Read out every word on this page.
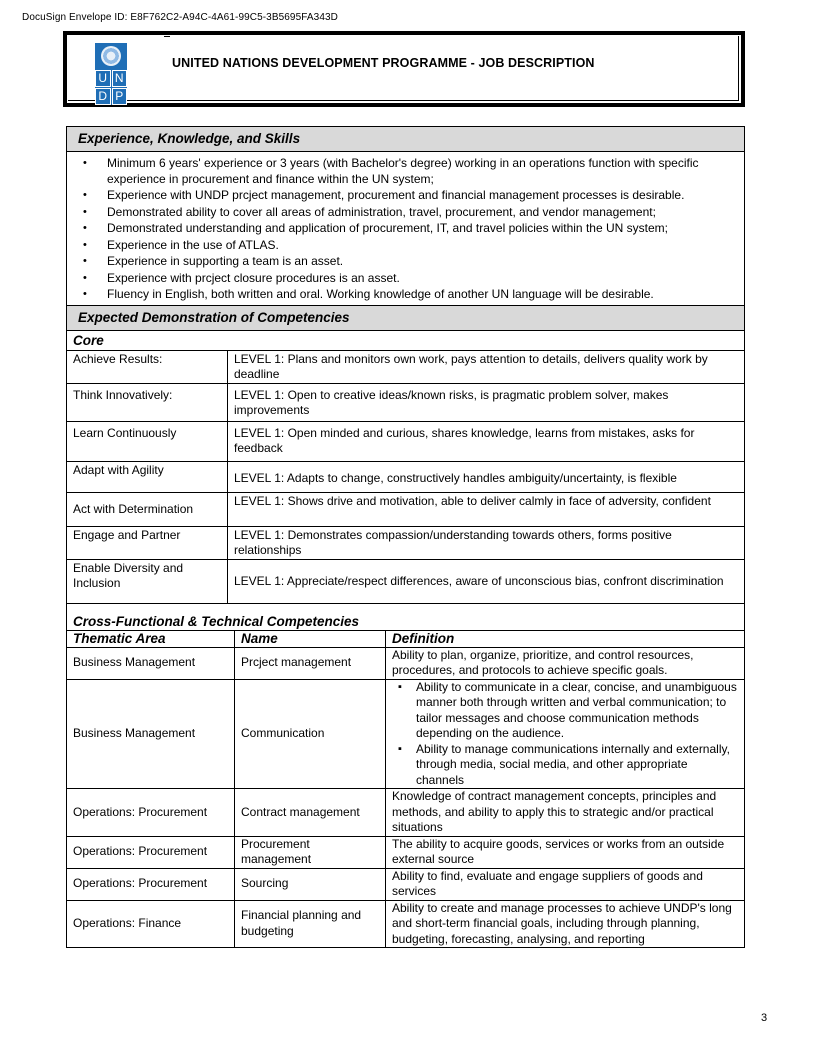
DocuSign Envelope ID: E8F762C2-A94C-4A61-99C5-3B5695FA343D
U N
D P
UNITED NATIONS DEVELOPMENT PROGRAMME - JOB DESCRIPTION
Experience, Knowledge, and Skills

• Minimum 6 years' experience or 3 years (with Bachelor's degree) working in an operations function with specific experience in procurement and finance within the UN system;
• Experience with UNDP prcject management, procurement and financial management processes is desirable.
• Demonstrated ability to cover all areas of administration, travel, procurement, and vendor management;
• Demonstrated understanding and application of procurement, IT, and travel policies within the UN system;
• Experience in the use of ATLAS.
• Experience in supporting a team is an asset.
• Experience with prcject closure procedures is an asset.
• Fluency in English, both written and oral. Working knowledge of another UN language will be desirable.

Expected Demonstration of Competencies

Core
Achieve Results:	LEVEL 1: Plans and monitors own work, pays attention to details, delivers quality work by deadline
Think Innovatively:	LEVEL 1: Open to creative ideas/known risks, is pragmatic problem solver, makes improvements
Learn Continuously	LEVEL 1: Open minded and curious, shares knowledge, learns from mistakes, asks for feedback
Adapt with Agility	LEVEL 1: Adapts to change, constructively handles ambiguity/uncertainty, is flexible
Act with Determination	LEVEL 1: Shows drive and motivation, able to deliver calmly in face of adversity, confident
Engage and Partner	LEVEL 1: Demonstrates compassion/understanding towards others, forms positive relationships
Enable Diversity and Inclusion	LEVEL 1: Appreciate/respect differences, aware of unconscious bias, confront discrimination
Cross-Functional & Technical Competencies
Thematic Area	Name	Definition
Business Management	Prcject management	Ability to plan, organize, prioritize, and control resources, procedures, and protocols to achieve specific goals.
Business Management	Communication	
▪ Ability to communicate in a clear, concise, and unambiguous manner both through written and verbal communication; to tailor messages and choose communication methods depending on the audience.
▪ Ability to manage communications internally and externally, through media, social media, and other appropriate channels

Operations: Procurement	Contract management	Knowledge of contract management concepts, principles and methods, and ability to apply this to strategic and/or practical situations
Operations: Procurement	Procurement management	The ability to acquire goods, services or works from an outside external source
Operations: Procurement	Sourcing	Ability to find, evaluate and engage suppliers of goods and services
Operations: Finance	Financial planning and budgeting	Ability to create and manage processes to achieve UNDP's long and short-term financial goals, including through planning, budgeting, forecasting, analysing, and reporting
3
